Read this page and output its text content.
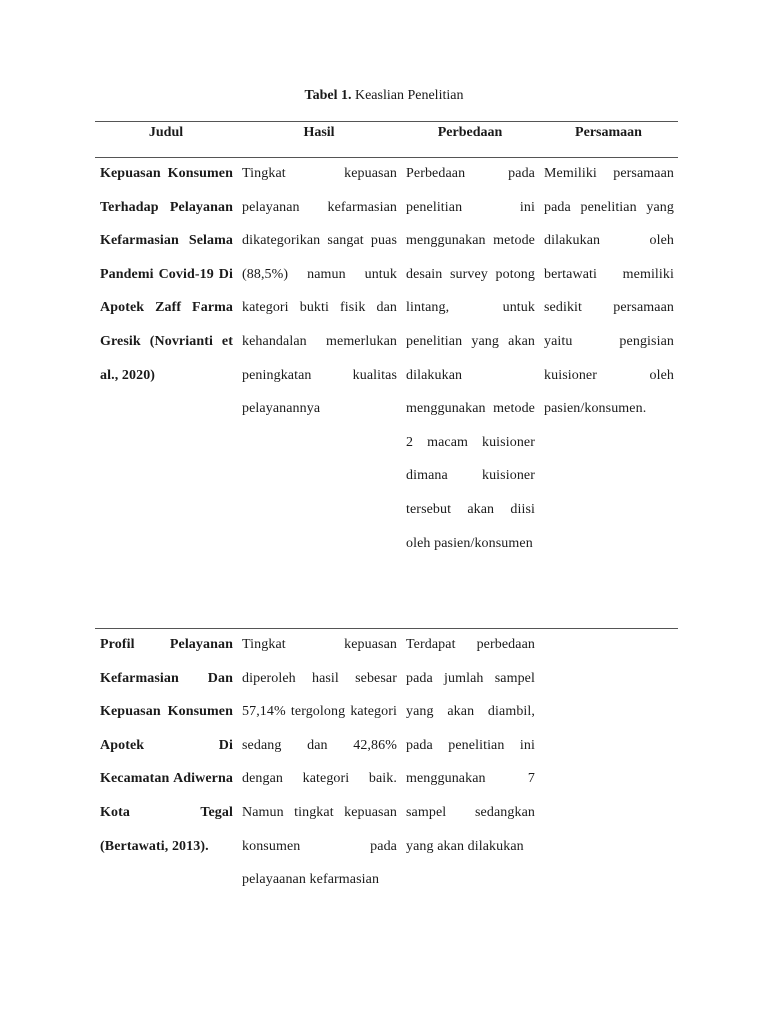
Tabel 1. Keaslian Penelitian
Judul	Hasil	Perbedaan	Persamaan

Kepuasan Konsumen Terhadap Pelayanan Kefarmasian Selama Pandemi Covid-19 Di Apotek Zaff Farma Gresik (Novrianti et al., 2020)	Tingkat kepuasan pelayanan kefarmasian dikategorikan sangat puas (88,5%) namun untuk kategori bukti fisik dan kehandalan memerlukan peningkatan kualitas pelayanannya	Perbedaan pada penelitian ini menggunakan metode desain survey potong lintang, untuk penelitian yang akan dilakukan menggunakan metode 2 macam kuisioner dimana kuisioner tersebut akan diisi oleh pasien/konsumen	Memiliki persamaan pada penelitian yang dilakukan oleh bertawati memiliki sedikit persamaan yaitu pengisian kuisioner oleh pasien/konsumen.

Profil Pelayanan Kefarmasian Dan Kepuasan Konsumen Apotek Di Kecamatan Adiwerna Kota Tegal (Bertawati, 2013).	Tingkat kepuasan diperoleh hasil sebesar 57,14% tergolong kategori sedang dan 42,86% dengan kategori baik. Namun tingkat kepuasan konsumen pada pelayaanan kefarmasian	Terdapat perbedaan pada jumlah sampel yang akan diambil, pada penelitian ini menggunakan 7 sampel sedangkan yang akan dilakukan	
